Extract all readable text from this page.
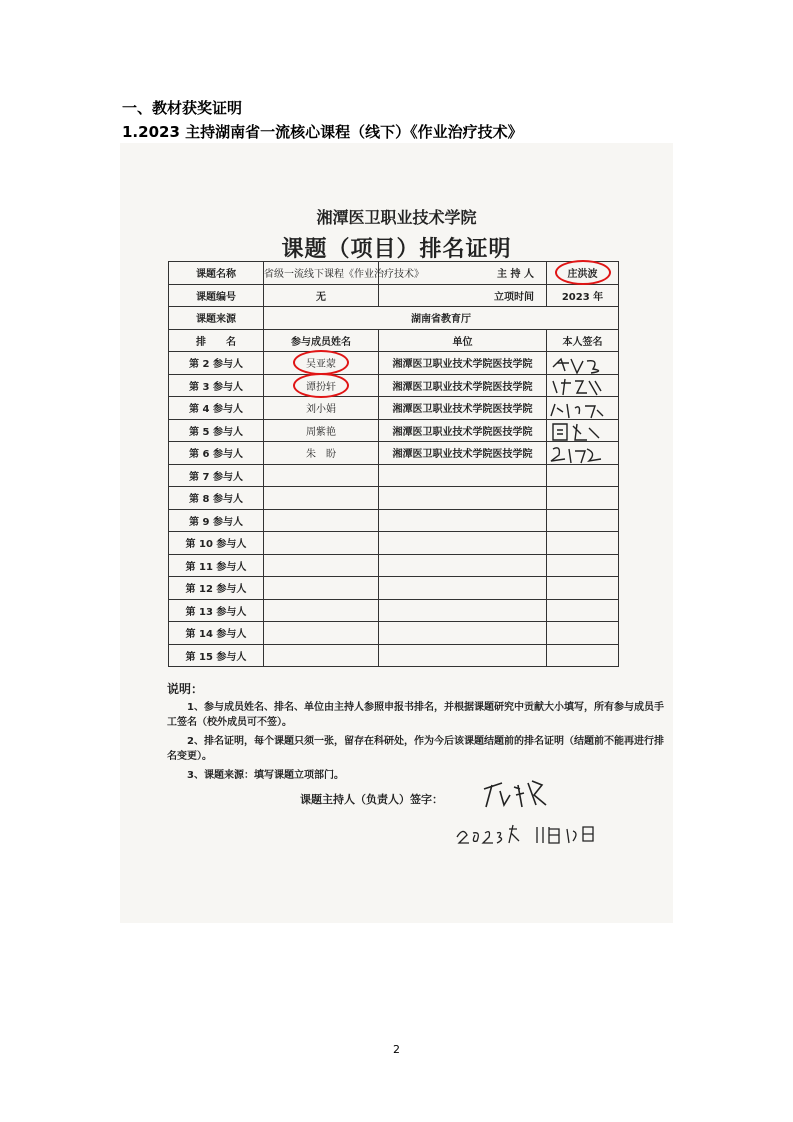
一、教材获奖证明
1.2023 主持湖南省一流核心课程（线下）《作业治疗技术》
湘潭医卫职业技术学院
课题（项目）排名证明
课题名称	省级一流线下课程《作业治疗技术》	主 持 人	庄洪波
课题编号	无	立项时间	2023 年
课题来源	湖南省教育厅		
排　　名	参与成员姓名	单位	本人签名
第 2 参与人	吴亚蒙	湘潭医卫职业技术学院医技学院	

第 3 参与人	谭扮轩	湘潭医卫职业技术学院医技学院	

第 4 参与人	刘小娟	湘潭医卫职业技术学院医技学院	

第 5 参与人	周紫艳	湘潭医卫职业技术学院医技学院	

第 6 参与人	朱　盼	湘潭医卫职业技术学院医技学院	

第 7 参与人			
第 8 参与人			
第 9 参与人			
第 10 参与人			
第 11 参与人			
第 12 参与人			
第 13 参与人			
第 14 参与人			
第 15 参与人			
说明：
1、参与成员姓名、排名、单位由主持人参照申报书排名，并根据课题研究中贡献大小填写，所有参与成员手工签名（校外成员可不签）。
2、排名证明，每个课题只须一张，留存在科研处，作为今后该课题结题前的排名证明（结题前不能再进行排名变更）。
3、课题来源：填写课题立项部门。
课题主持人（负责人）签字：
2
